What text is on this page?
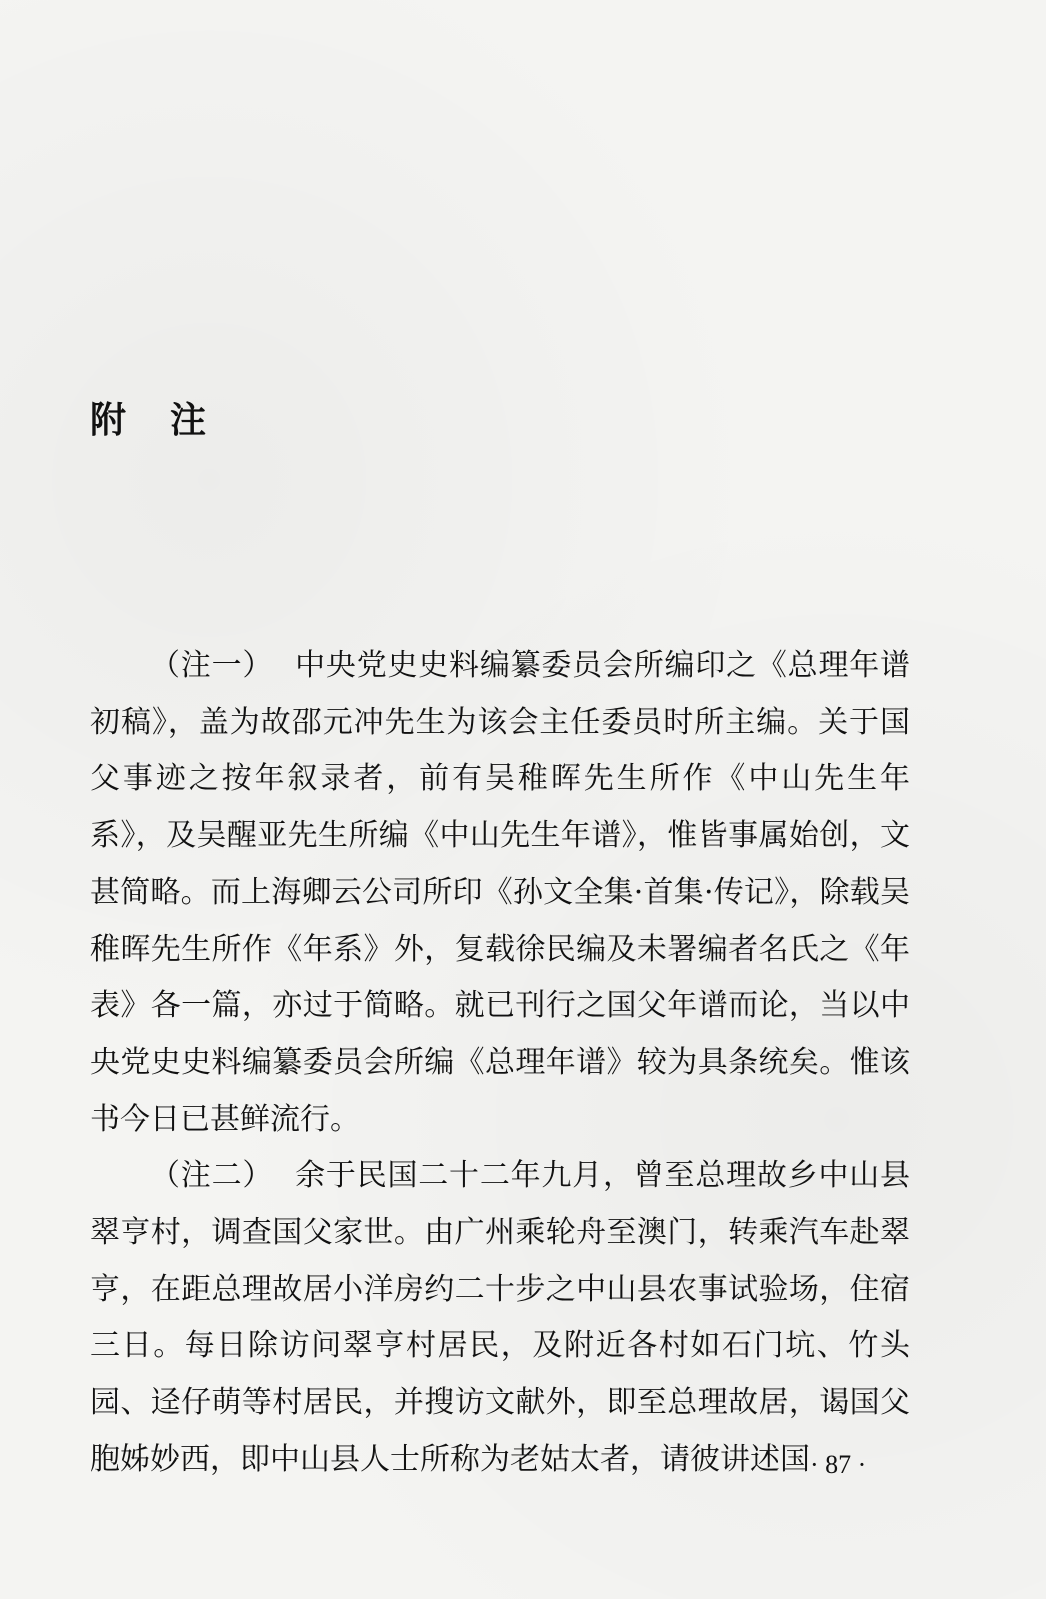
附 注

（注一） 中央党史史料编纂委员会所编印之《总理年谱初稿》，盖为故邵元冲先生为该会主任委员时所主编。关于国父事迹之按年叙录者，前有吴稚晖先生所作《中山先生年系》，及吴醒亚先生所编《中山先生年谱》，惟皆事属始创，文甚简略。而上海卿云公司所印《孙文全集·首集·传记》，除载吴稚晖先生所作《年系》外，复载徐民编及未署编者名氏之《年表》各一篇，亦过于简略。就已刊行之国父年谱而论，当以中央党史史料编纂委员会所编《总理年谱》较为具条统矣。惟该书今日已甚鲜流行。

（注二） 余于民国二十二年九月，曾至总理故乡中山县翠亨村，调查国父家世。由广州乘轮舟至澳门，转乘汽车赴翠亨，在距总理故居小洋房约二十步之中山县农事试验场，住宿三日。每日除访问翠亨村居民，及附近各村如石门坑、竹头园、迳仔萌等村居民，并搜访文献外，即至总理故居，谒国父胞姊妙西，即中山县人士所称为老姑太者，请彼讲述国 · 87 ·
